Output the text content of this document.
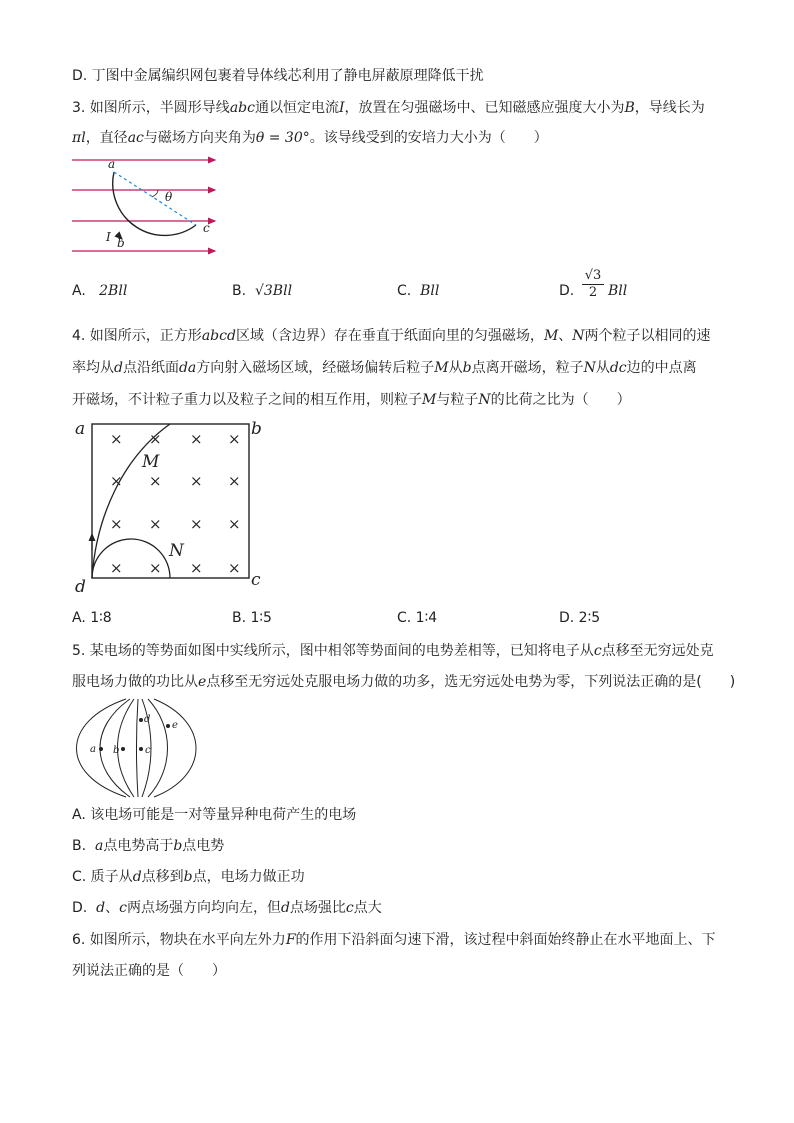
D. 丁图中金属编织网包裹着导体线芯利用了静电屏蔽原理降低干扰
3. 如图所示，半圆形导线abc通以恒定电流I，放置在匀强磁场中、已知磁感应强度大小为B，导线长为
πl，直径ac与磁场方向夹角为θ = 30°。该导线受到的安培力大小为（　　）
a
θ
c
I b
A. 2Bll	B. √3Bll	C. Bll	D. $\frac{√3}{2}$ Bll
4. 如图所示，正方形abcd区域（含边界）存在垂直于纸面向里的匀强磁场，M、N两个粒子以相同的速
率均从d点沿纸面da方向射入磁场区域，经磁场偏转后粒子M从b点离开磁场，粒子N从dc边的中点离
开磁场，不计粒子重力以及粒子之间的相互作用，则粒子M与粒子N的比荷之比为（　　）
× × × ×
× × × ×
× × × ×
× × × ×
a	b
c
d
M
N
A. 1∶8	B. 1∶5	C. 1∶4	D. 2∶5
5. 某电场的等势面如图中实线所示，图中相邻等势面间的电势差相等，已知将电子从c点移至无穷远处克
服电场力做的功比从e点移至无穷远处克服电场力做的功多，选无穷远处电势为零，下列说法正确的是(　　)
a b	c
d
e
A. 该电场可能是一对等量异种电荷产生的电场
B. a点电势高于b点电势
C. 质子从d点移到b点，电场力做正功
D. d、c两点场强方向均向左，但d点场强比c点大
6. 如图所示，物块在水平向左外力F的作用下沿斜面匀速下滑，该过程中斜面始终静止在水平地面上、下
列说法正确的是（　　）
